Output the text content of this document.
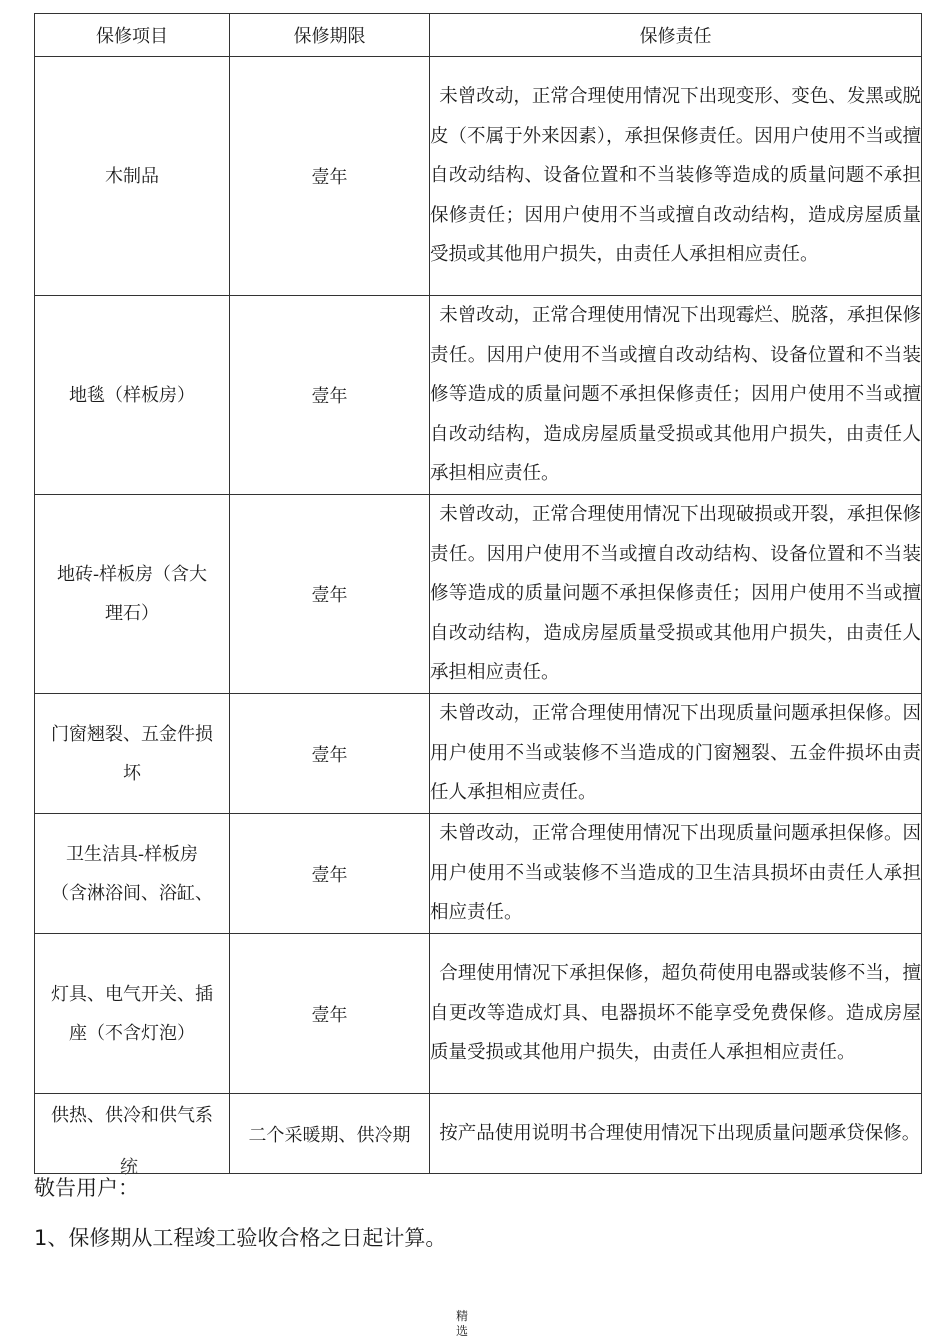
保修项目	保修期限	保修责任

木制品	壹年	未曾改动，正常合理使用情况下出现变形、变色、发黑或脱皮（不属于外来因素），承担保修责任。因用户使用不当或擅自改动结构、设备位置和不当装修等造成的质量问题不承担保修责任；因用户使用不当或擅自改动结构，造成房屋质量受损或其他用户损失，由责任人承担相应责任。

地毯（样板房）	壹年	未曾改动，正常合理使用情况下出现霉烂、脱落，承担保修责任。因用户使用不当或擅自改动结构、设备位置和不当装修等造成的质量问题不承担保修责任；因用户使用不当或擅自改动结构，造成房屋质量受损或其他用户损失，由责任人承担相应责任。

地砖-样板房（含大
理石）	壹年	未曾改动，正常合理使用情况下出现破损或开裂，承担保修责任。因用户使用不当或擅自改动结构、设备位置和不当装修等造成的质量问题不承担保修责任；因用户使用不当或擅自改动结构，造成房屋质量受损或其他用户损失，由责任人承担相应责任。

门窗翘裂、五金件损
坏	壹年	未曾改动，正常合理使用情况下出现质量问题承担保修。因用户使用不当或装修不当造成的门窗翘裂、五金件损坏由责任人承担相应责任。

卫生洁具-样板房
（含淋浴间、浴缸、	壹年	未曾改动，正常合理使用情况下出现质量问题承担保修。因用户使用不当或装修不当造成的卫生洁具损坏由责任人承担相应责任。

灯具、电气开关、插
座（不含灯泡）	壹年	合理使用情况下承担保修，超负荷使用电器或装修不当，擅自更改等造成灯具、电器损坏不能享受免费保修。造成房屋质量受损或其他用户损失，由责任人承担相应责任。

供热、供冷和供气系	二个采暖期、供冷期	按产品使用说明书合理使用情况下出现质量问题承贷保修。

统
敬告用户：
1、保修期从工程竣工验收合格之日起计算。
精选
